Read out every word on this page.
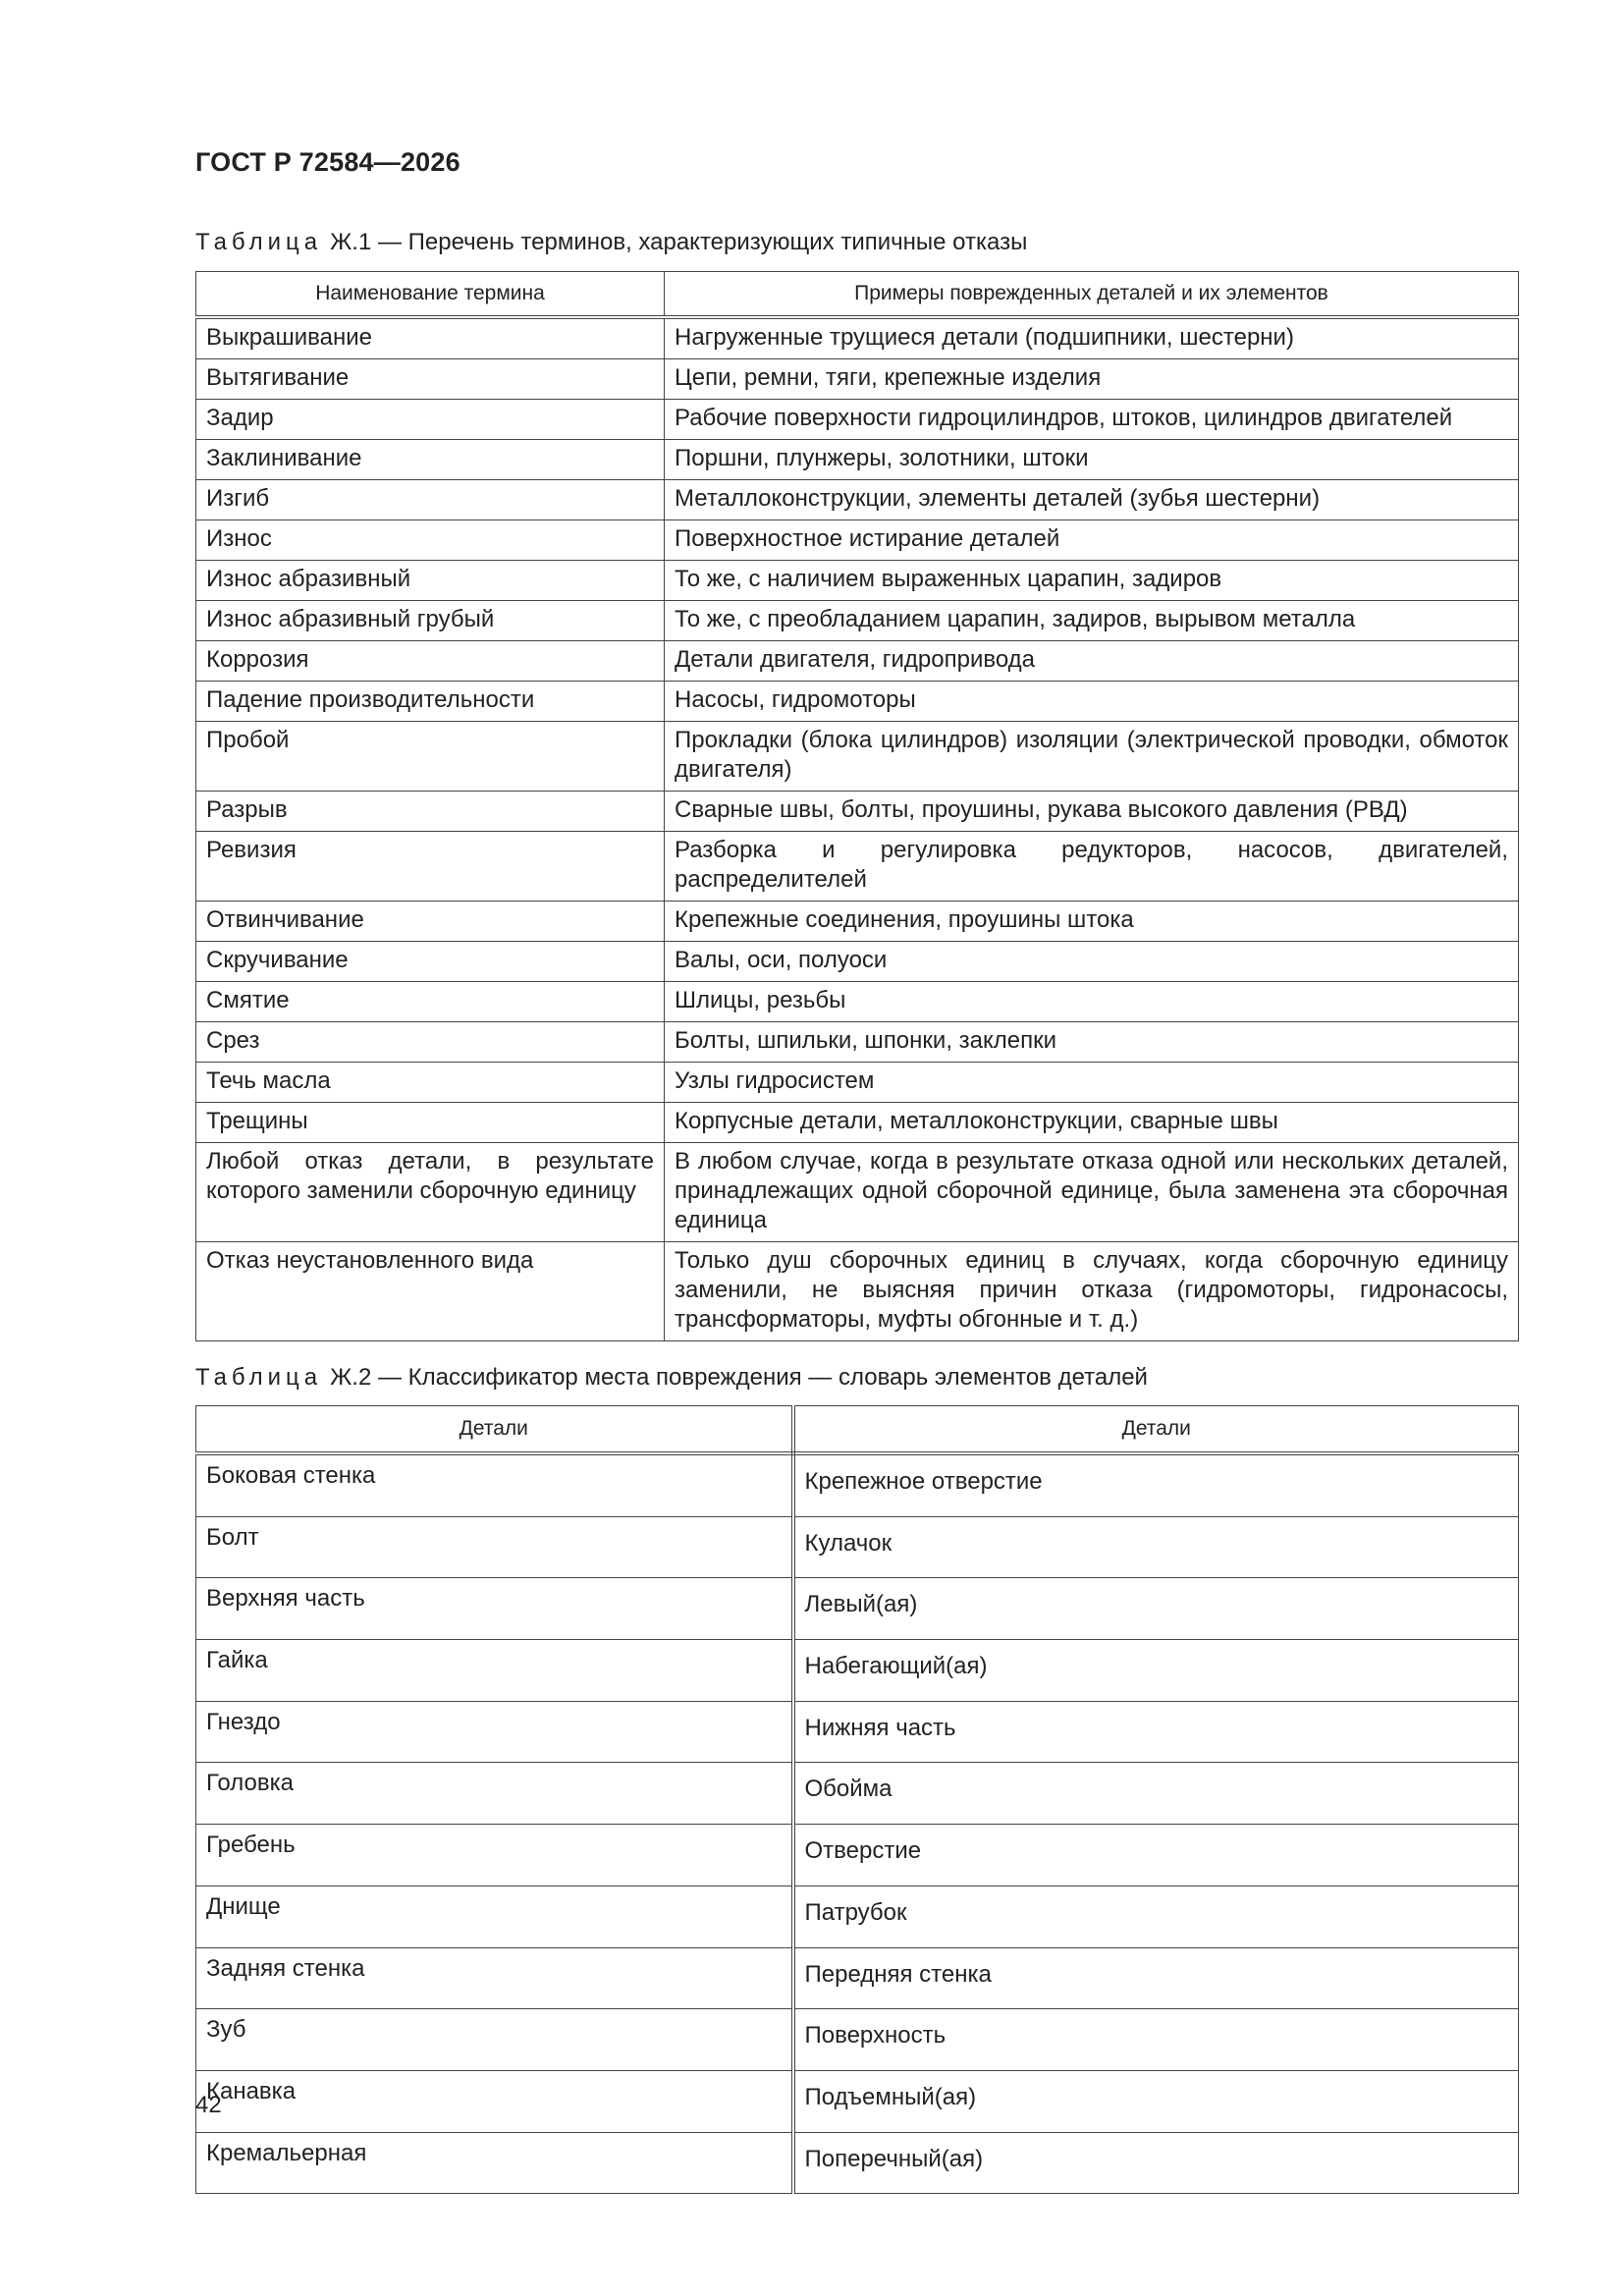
ГОСТ Р 72584—2026
Таблица Ж.1 — Перечень терминов, характеризующих типичные отказы
Наименование термина	Примеры поврежденных деталей и их элементов
Выкрашивание	Нагруженные трущиеся детали (подшипники, шестерни)
Вытягивание	Цепи, ремни, тяги, крепежные изделия
Задир	Рабочие поверхности гидроцилиндров, штоков, цилиндров двигателей
Заклинивание	Поршни, плунжеры, золотники, штоки
Изгиб	Металлоконструкции, элементы деталей (зубья шестерни)
Износ	Поверхностное истирание деталей
Износ абразивный	То же, с наличием выраженных царапин, задиров
Износ абразивный грубый	То же, с преобладанием царапин, задиров, вырывом металла
Коррозия	Детали двигателя, гидропривода
Падение производительности	Насосы, гидромоторы
Пробой	Прокладки (блока цилиндров) изоляции (электрической проводки, обмоток двигателя)
Разрыв	Сварные швы, болты, проушины, рукава высокого давления (РВД)
Ревизия	Разборка и регулировка редукторов, насосов, двигателей, распределителей
Отвинчивание	Крепежные соединения, проушины штока
Скручивание	Валы, оси, полуоси
Смятие	Шлицы, резьбы
Срез	Болты, шпильки, шпонки, заклепки
Течь масла	Узлы гидросистем
Трещины	Корпусные детали, металлоконструкции, сварные швы
Любой отказ детали, в результате которого заменили сборочную единицу	В любом случае, когда в результате отказа одной или нескольких деталей, принадлежащих одной сборочной единице, была заменена эта сборочная единица
Отказ неустановленного вида	Только душ сборочных единиц в случаях, когда сборочную единицу заменили, не выясняя причин отказа (гидромоторы, гидронасосы, трансформаторы, муфты обгонные и т. д.)
Таблица Ж.2 — Классификатор места повреждения — словарь элементов деталей
Детали	Детали
Боковая стенка	Крепежное отверстие
Болт	Кулачок
Верхняя часть	Левый(ая)
Гайка	Набегающий(ая)
Гнездо	Нижняя часть
Головка	Обойма
Гребень	Отверстие
Днище	Патрубок
Задняя стенка	Передняя стенка
Зуб	Поверхность
Канавка	Подъемный(ая)
Кремальерная	Поперечный(ая)
42
